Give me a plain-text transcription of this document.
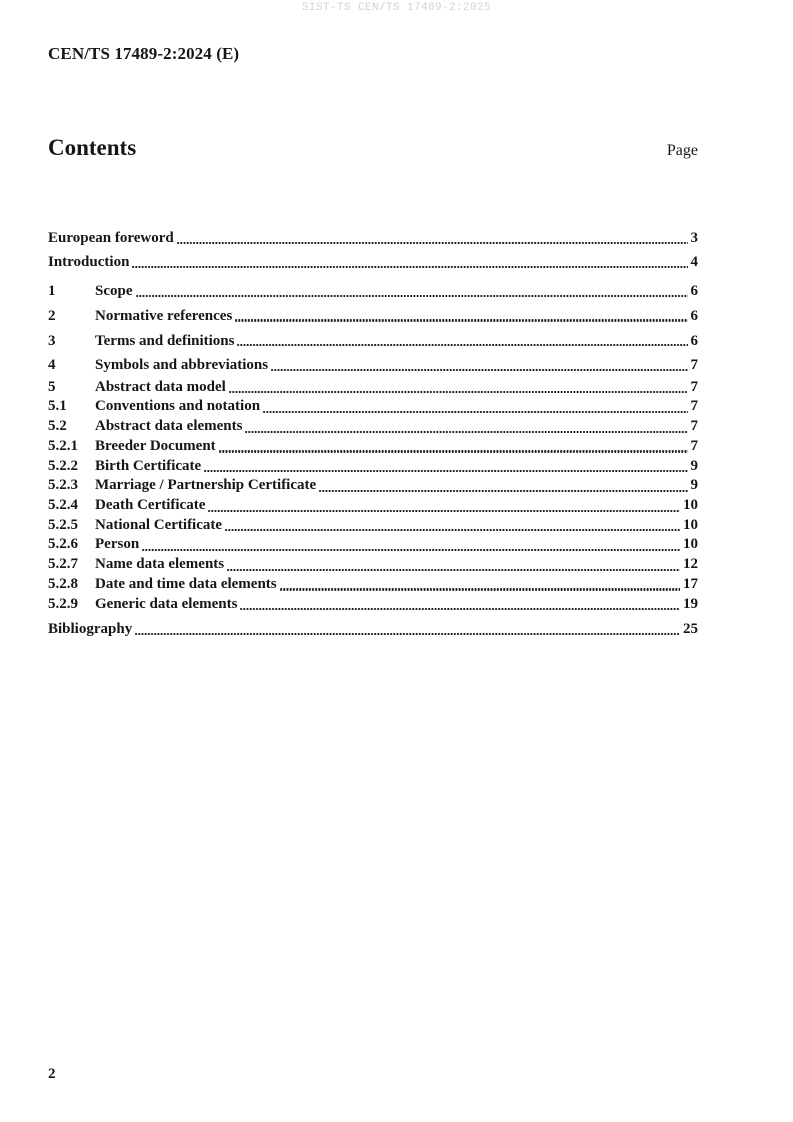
SIST-TS CEN/TS 17489-2:2025
CEN/TS 17489-2:2024 (E)
Contents	Page
European foreword	3
Introduction	4
1	Scope	6
2	Normative references	6
3	Terms and definitions	6
4	Symbols and abbreviations	7
5	Abstract data model	7
5.1	Conventions and notation	7
5.2	Abstract data elements	7
5.2.1	Breeder Document	7
5.2.2	Birth Certificate	9
5.2.3	Marriage / Partnership Certificate	9
5.2.4	Death Certificate	10
5.2.5	National Certificate	10
5.2.6	Person	10
5.2.7	Name data elements	12
5.2.8	Date and time data elements	17
5.2.9	Generic data elements	19
Bibliography	25
2
